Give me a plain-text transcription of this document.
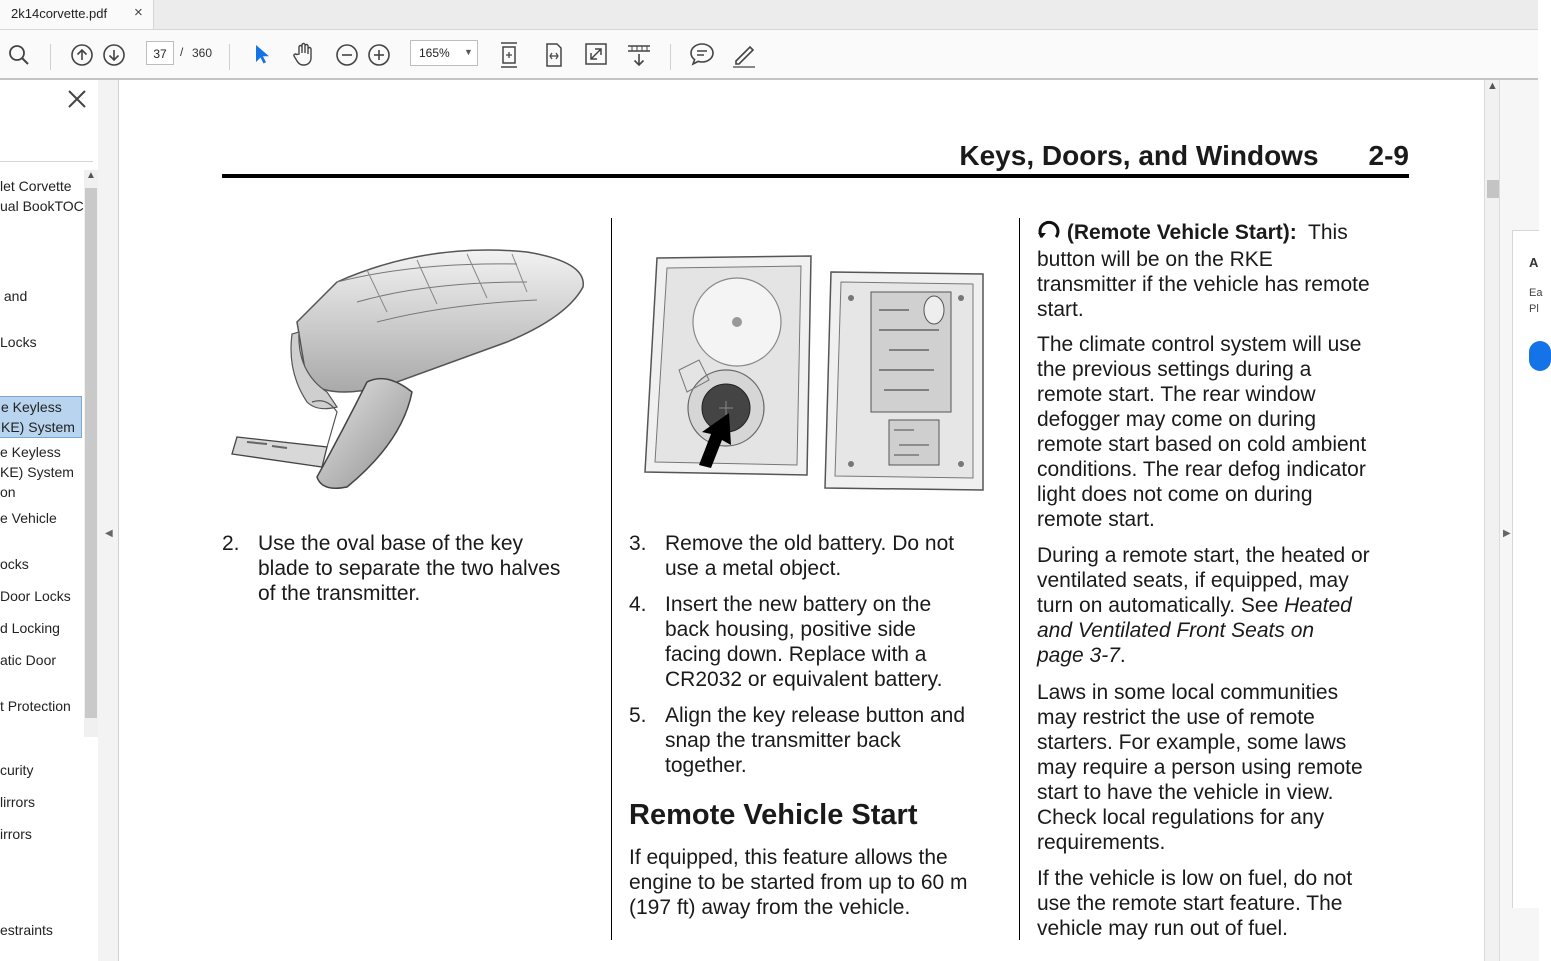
2k14corvette.pdf ×
37	/ 360	165% ▼
let Corvette
ual BookTOC
and
Locks
e Keyless
KE) System
e Keyless
KE) System
on
e Vehicle
ocks
Door Locks
d Locking
atic Door
t Protection
curity
lirrors
irrors
estraints
▲
◀
Keys, Doors, and Windows 2-9
2. Use the oval base of the key
blade to separate the two halves
of the transmitter.
3. Remove the old battery. Do not
use a metal object.
4. Insert the new battery on the
back housing, positive side
facing down. Replace with a
CR2032 or equivalent battery.
5. Align the key release button and
snap the transmitter back
together.
Remote Vehicle Start
If equipped, this feature allows the
engine to be started from up to 60 m
(197 ft) away from the vehicle.
(Remote Vehicle Start): This
button will be on the RKE
transmitter if the vehicle has remote
start.
The climate control system will use
the previous settings during a
remote start. The rear window
defogger may come on during
remote start based on cold ambient
conditions. The rear defog indicator
light does not come on during
remote start.
During a remote start, the heated or
ventilated seats, if equipped, may
turn on automatically. See Heated
and Ventilated Front Seats on
page 3-7.
Laws in some local communities
may restrict the use of remote
starters. For example, some laws
may require a person using remote
start to have the vehicle in view.
Check local regulations for any
requirements.
If the vehicle is low on fuel, do not
use the remote start feature. The
vehicle may run out of fuel.
▲
▶
A
Ea
Pl
